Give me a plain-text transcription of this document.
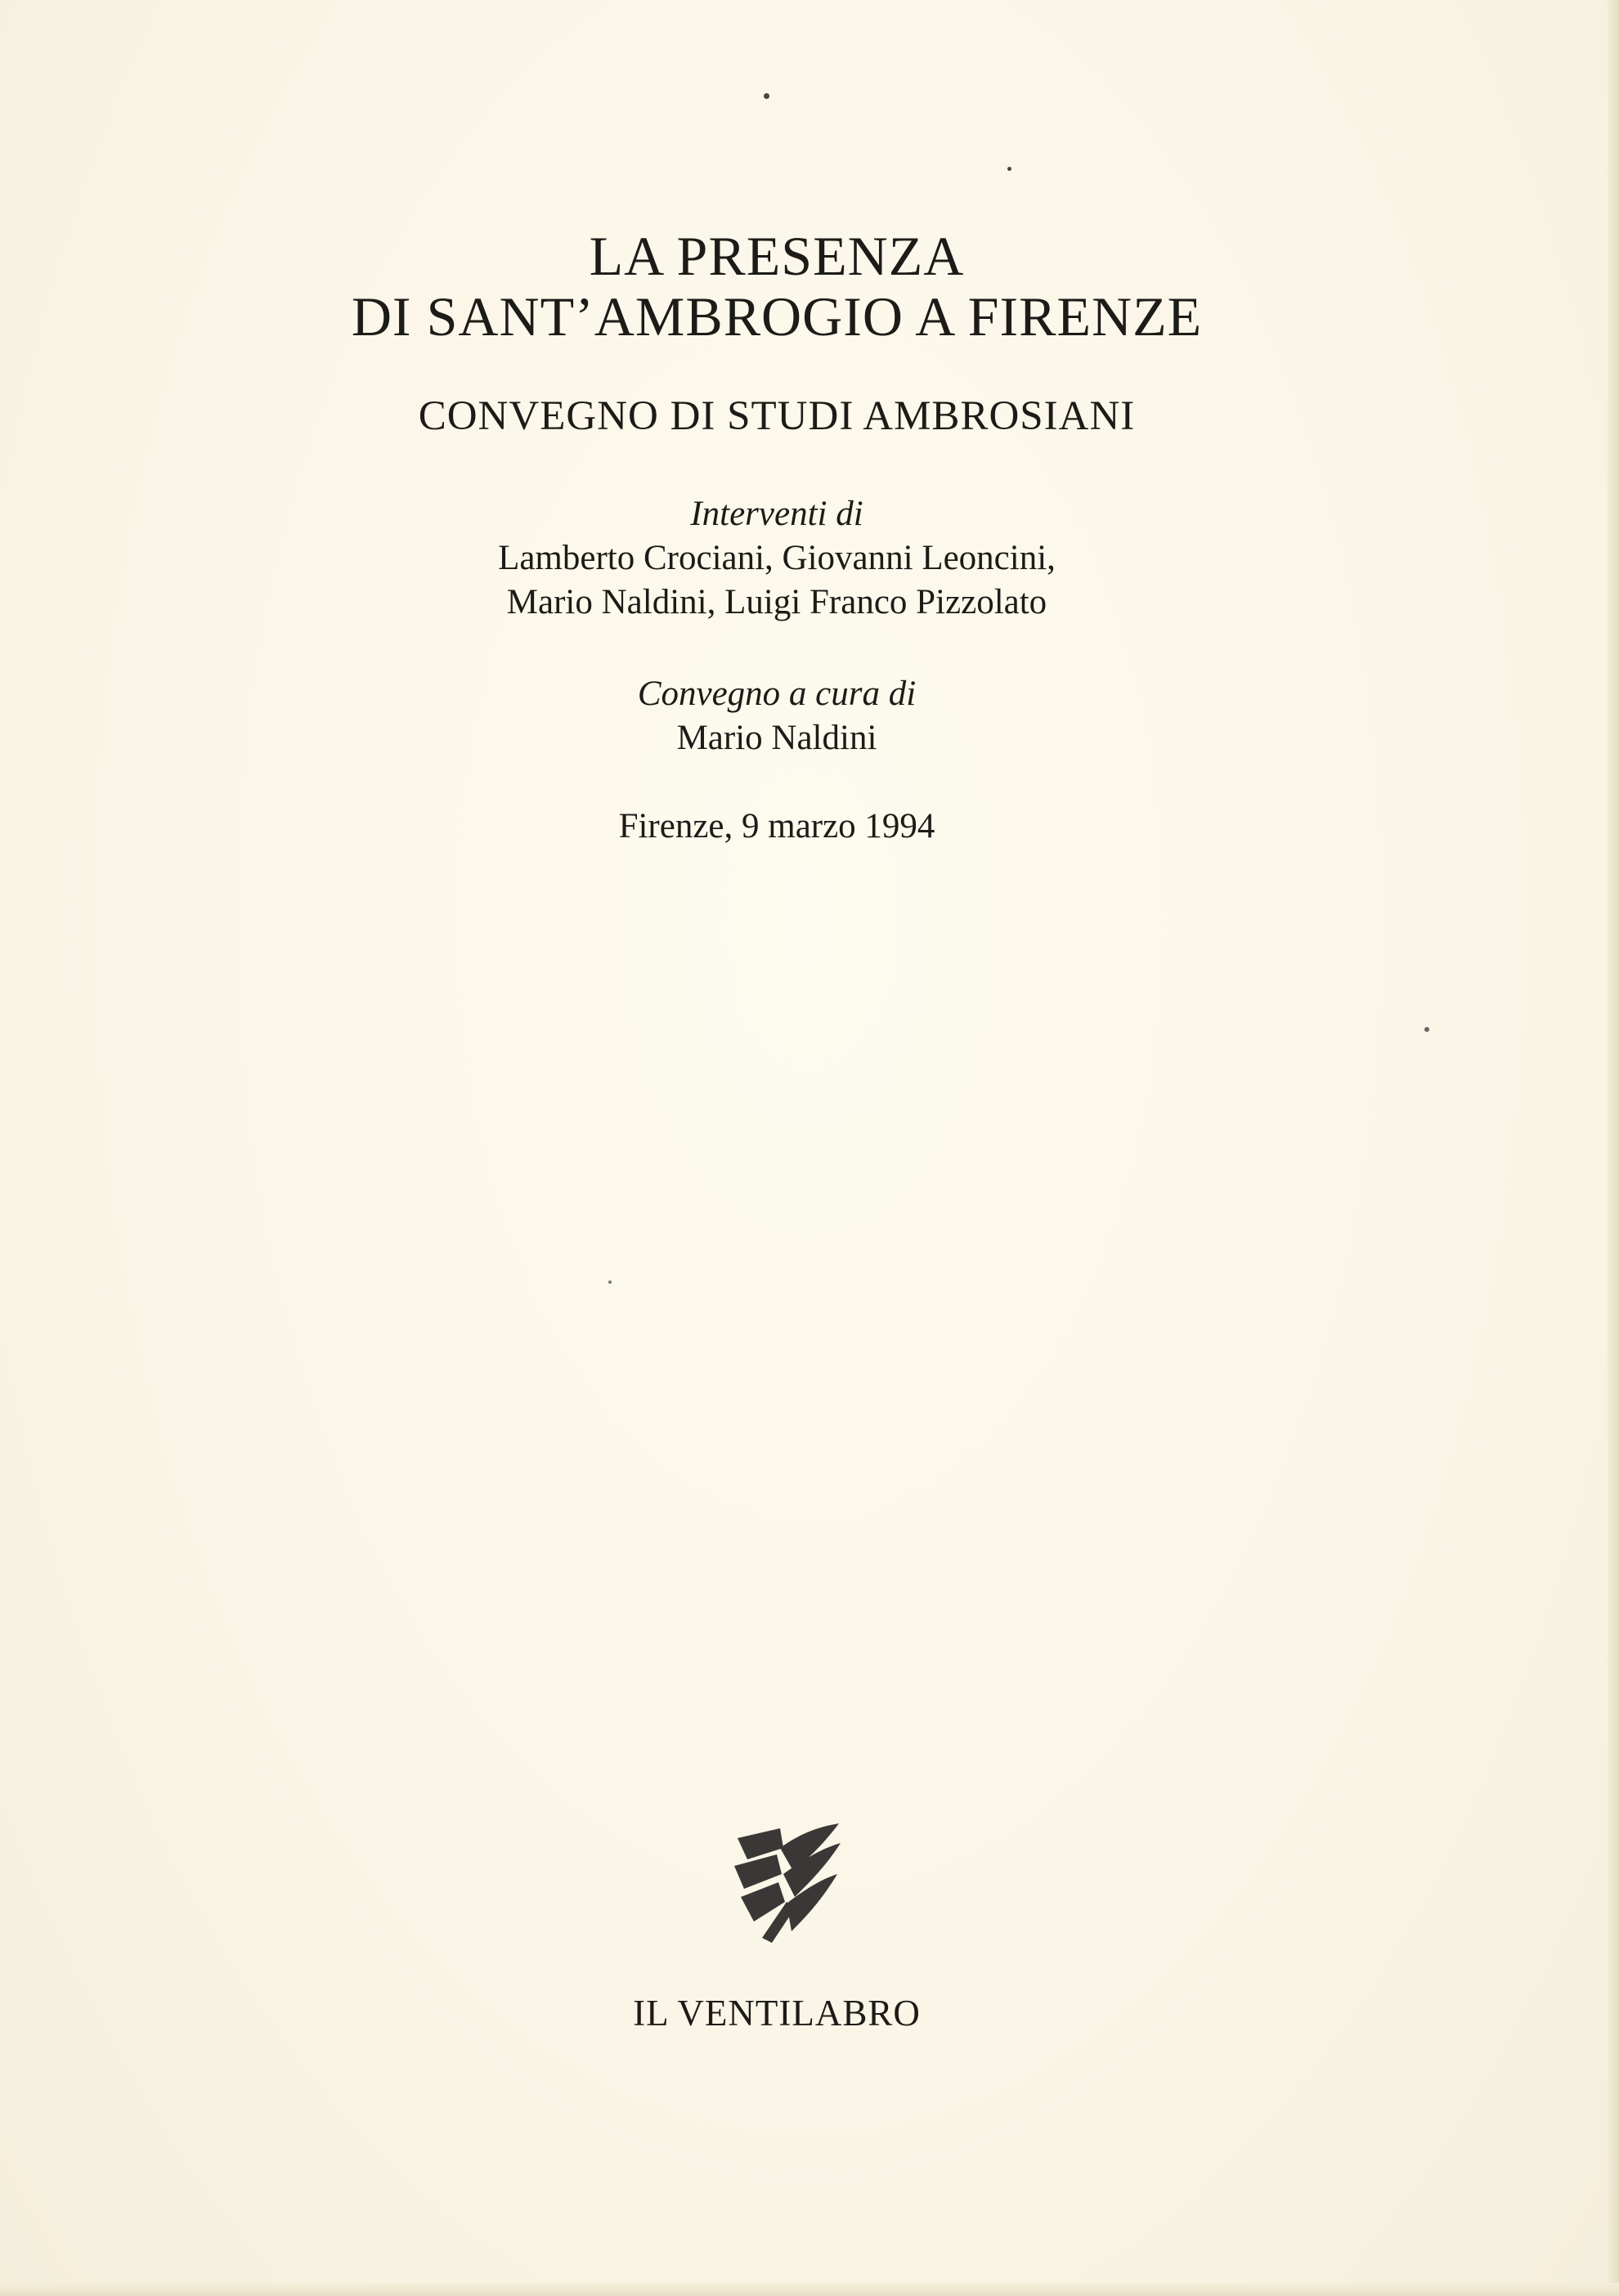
LA PRESENZA
DI SANT’AMBROGIO A FIRENZE
CONVEGNO DI STUDI AMBROSIANI
Interventi di
Lamberto Crociani, Giovanni Leoncini,
Mario Naldini, Luigi Franco Pizzolato
Convegno a cura di
Mario Naldini
Firenze, 9 marzo 1994
IL VENTILABRO
